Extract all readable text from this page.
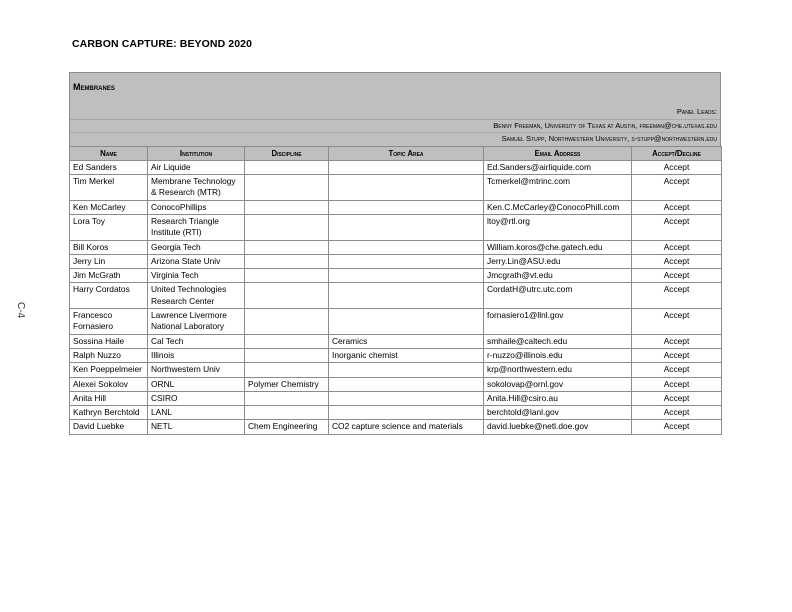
CARBON CAPTURE: BEYOND 2020
C-4
Membranes
Panel Leads:
Benny Freeman, University of Texas at Austin, freeman@che.utexas.edu
Samuel Stupp, Northwestern University, s-stupp@northwestern.edu
Name	Institution	Discipline	Topic Area	Email Address	Accept/Decline
Ed Sanders	Air Liquide			Ed.Sanders@airliquide.com	Accept
Tim Merkel	Membrane Technology & Research (MTR)			Tcmerkel@mtrinc.com	Accept
Ken McCarley	ConocoPhillips			Ken.C.McCarley@ConocoPhill.com	Accept
Lora Toy	Research Triangle Institute (RTI)			ltoy@rtl.org	Accept
Bill Koros	Georgia Tech			William.koros@che.gatech.edu	Accept
Jerry Lin	Arizona State Univ			Jerry.Lin@ASU.edu	Accept
Jim McGrath	Virginia Tech			Jmcgrath@vt.edu	Accept
Harry Cordatos	United Technologies Research Center			CordatH@utrc.utc.com	Accept
Francesco Fornasiero	Lawrence Livermore National Laboratory			fornasiero1@llnl.gov	Accept
Sossina Haile	Cal Tech		Ceramics	smhaile@caltech.edu	Accept
Ralph Nuzzo	Illinois		Inorganic chemist	r-nuzzo@illinois.edu	Accept
Ken Poeppelmeier	Northwestern Univ			krp@northwestern.edu	Accept
Alexei Sokolov	ORNL	Polymer Chemistry		sokolovap@ornl.gov	Accept
Anita Hill	CSIRO			Anita.Hill@csiro.au	Accept
Kathryn Berchtold	LANL			berchtold@lanl.gov	Accept
David Luebke	NETL	Chem Engineering	CO2 capture science and materials	david.luebke@netl.doe.gov	Accept
